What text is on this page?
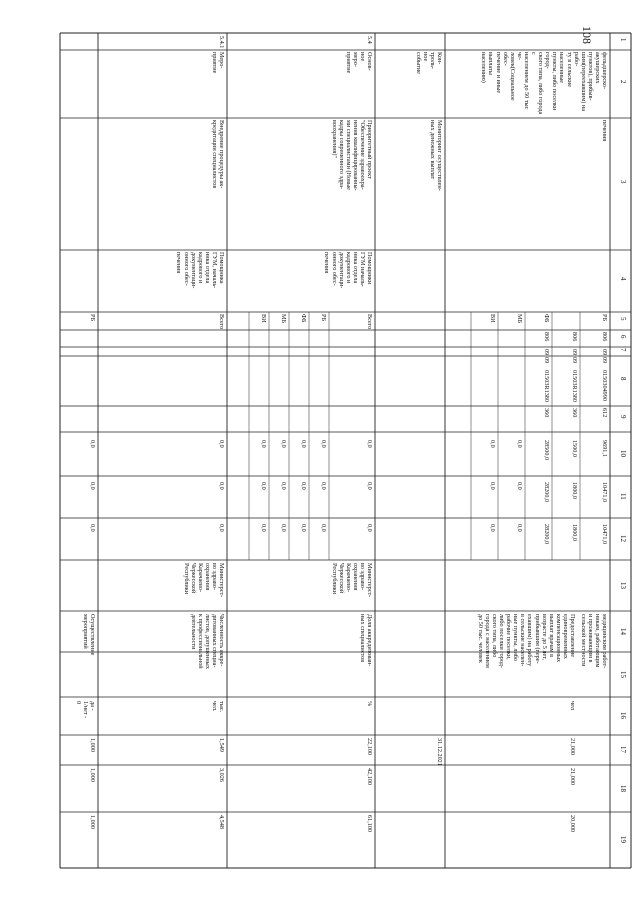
108	1
2
3
4
5
6
7
8
9
10
11
12
13
14
15
16
17
18
19
фельдшерско-акушерских
пунктов), прибыв-
шим(переехавшим) на рабо-
ту в сельские населенные
пункты, либо поселки город-
ского типа, либо города с
населением до 50 тыс че-
ловек(Социальное обес-
печение и иные выплаты
населению)
печения
РБ
806
09
09
0150304990
612
9691,1
10471,0
10471,0
806
09
09
01503R1380
360
1500,0
1800,0
1800,0
ФБ
806
09
09
01503R1380
360
28500,0
28200,0
28200,0
МБ
0,0
0,0
0,0
ВИ
0,0
0,0
0,0
медицинским работ-
никам, работающим
и проживающим в
сельской местности
Предоставление
единовременных
компенсационных
выплат врачам в
возрасте до 5 лет,
прибывшим (пере-
ехавшим) на работу
в сельские населен-
ные пункты, либо
рабочие поселки,
либо поселки город-
ского типа, либо
города с населением
до 50 тыс. человек
чел
21,000
21,000
20,000
Кон-
троль-
ное
событие
Мониторинг осуществлен-
ных денежных выплат
31.12.2021
5.4
Основ-
ное
меро-
приятие
Приоритетный проект
"Обеспечение здравоохра-
нения квалифицированны-
ми специалистами (Новые
кадры современного здра-
воохранения)"
Помощники
ГУМ началь-
ника отдела
кадрового и
документаци-
онного обес-
печения
Всего
0,0
0,0
0,0
РБ
0,0
0,0
0,0
ФБ
0,0
0,0
0,0
МБ
0,0
0,0
0,0
ВИ
0,0
0,0
0,0
Министерст-
во здраво-
охранения
Карачаево-
Черкесской
Республики
Доля аккредитован-
ных специалистов
%
22,100
42,100
61,100
5.4.1
Меро-
приятие
Внедрение процедуры ак-
кредитации специалистов
Помощника
ГУМ, началь-
ника отдела
кадрового и
документаци-
онного обес-
печения
Всего
0,0
0,0
0,0
Министерст-
во здраво-
охранения
Карачаево-
Черкесской
Республики
Численность аккре-
дитованных специа-
листов, допущенных
к профессиональной
деятельности
тыс.
чел.
1,549
3,026
4,548
РБ
0,0
0,0
0,0
Осуществление
мероприятий
да -
1/нет -
0
1,000
1,000
1,000
